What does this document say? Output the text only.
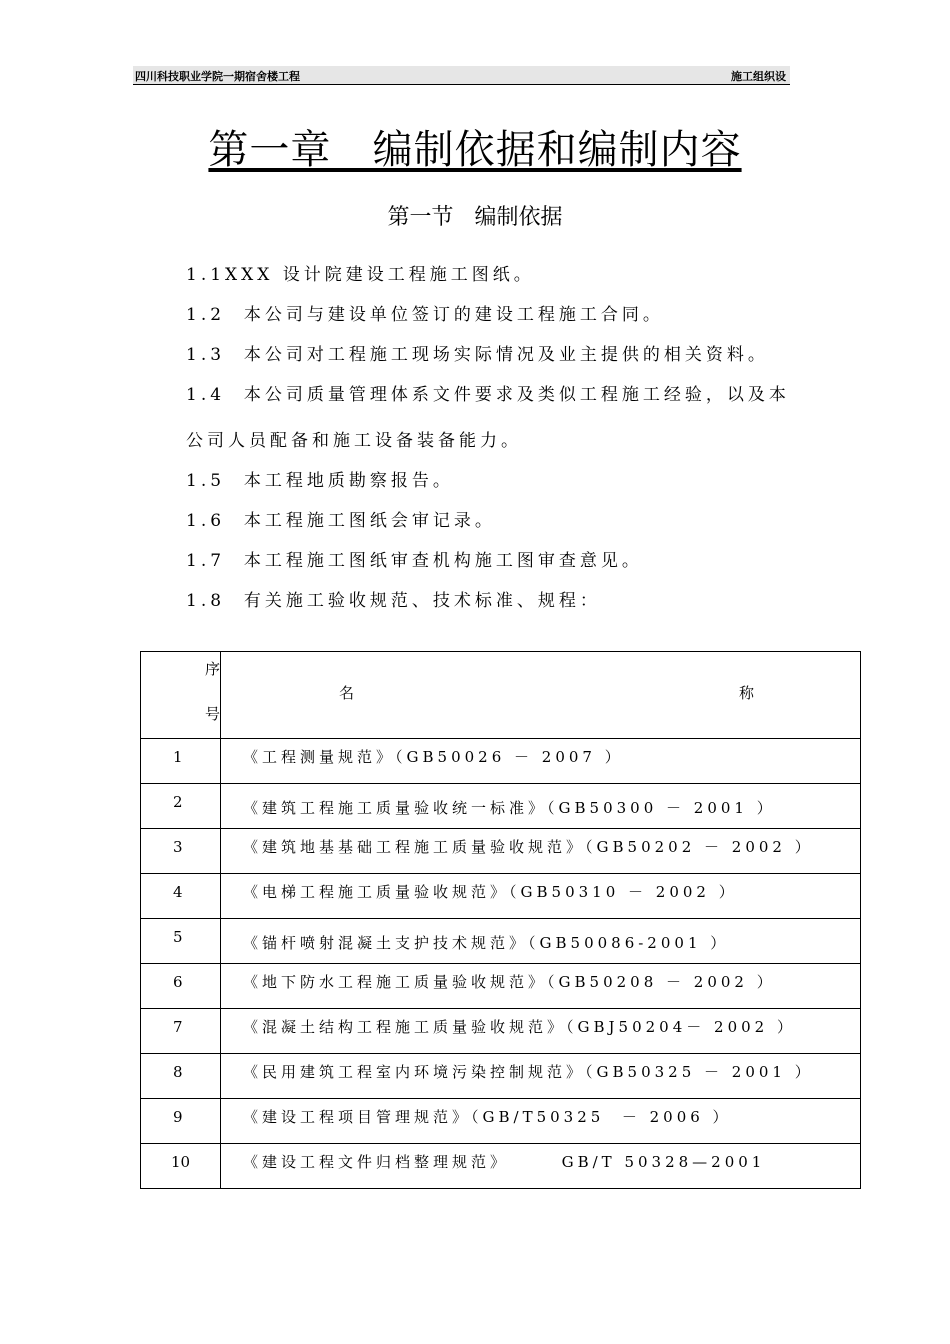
四川科技职业学院一期宿舍楼工程	施工组织设
第一章   编制依据和编制内容
第一节   编制依据
1.1XXX 设计院建设工程施工图纸。
1.2  本公司与建设单位签订的建设工程施工合同。
1.3  本公司对工程施工现场实际情况及业主提供的相关资料。
1.4  本公司质量管理体系文件要求及类似工程施工经验，以及本
公司人员配备和施工设备装备能力。
1.5  本工程地质勘察报告。
1.6  本工程施工图纸会审记录。
1.7  本工程施工图纸审查机构施工图审查意见。
1.8  有关施工验收规范、技术标准、规程：
序
号	名 称

1	《工程测量规范》（GB50026 － 2007 ）
2	《建筑工程施工质量验收统一标准》（GB50300 － 2001 ）
3	《建筑地基基础工程施工质量验收规范》（GB50202 － 2002 ）
4	《电梯工程施工质量验收规范》（GB50310 － 2002 ）
5	《锚杆喷射混凝土支护技术规范》（GB50086-2001 ）
6	《地下防水工程施工质量验收规范》（GB50208 － 2002 ）
7	《混凝土结构工程施工质量验收规范》（GBJ50204－ 2002 ）
8	《民用建筑工程室内环境污染控制规范》（GB50325 － 2001 ）
9	《建设工程项目管理规范》（GB/T50325  － 2006 ）
10	《建设工程文件归档整理规范》      GB/T 50328—2001
